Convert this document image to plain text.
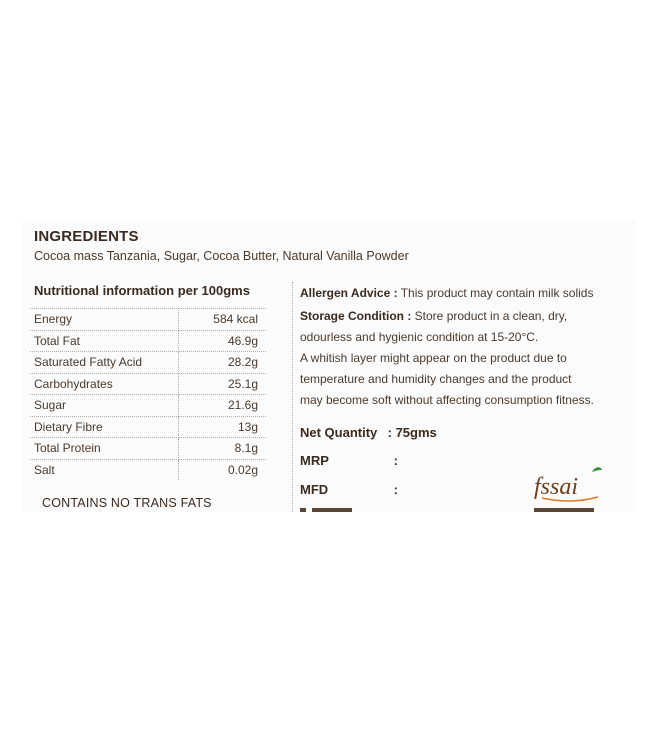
INGREDIENTS
Cocoa mass Tanzania, Sugar, Cocoa Butter, Natural Vanilla Powder
Nutritional information per 100gms
Energy	584 kcal
Total Fat	46.9g
Saturated Fatty Acid	28.2g
Carbohydrates	25.1g
Sugar	21.6g
Dietary Fibre	13g
Total Protein	8.1g
Salt	0.02g
CONTAINS NO TRANS FATS
Allergen Advice : This product may contain milk solids

Storage Condition : Store product in a clean, dry,

odourless and hygienic condition at 15-20°C.

A whitish layer might appear on the product due to

temperature and humidity changes and the product

may become soft without affecting consumption fitness.

Net Quantity : 75gms
MRP	:
MFD	:	fssai
